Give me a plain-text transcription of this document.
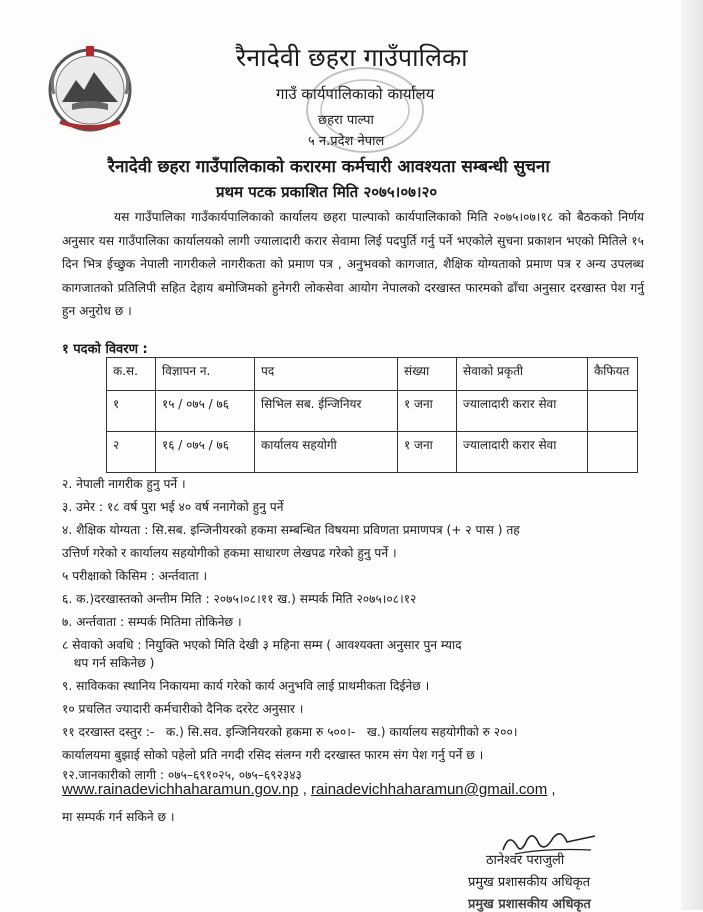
रैनादेवी छहरा गाउँपालिका
गाउँ कार्यपालिकाको कार्यालय
छहरा पाल्पा
५ न.प्रदेश नेपाल
रैनादेवी छहरा गाउँपालिकाको करारमा कर्मचारी आवश्यता सम्बन्धी सुचना
प्रथम पटक प्रकाशित मिति २०७५।०७।२०
यस गाउँपालिका गाउँकार्यपालिकाको कार्यालय छहरा पाल्पाको कार्यपालिकाको मिति २०७५।०७।१८ को बैठकको निर्णय अनुसार यस गाउँपालिका कार्यालयको लागी ज्यालादारी करार सेवामा लिई पदपुर्ति गर्नु पर्ने भएकोले सुचना प्रकाशन भएको मितिले १५ दिन भित्र ईच्छुक नेपाली नागरीकले नागरीकता को प्रमाण पत्र , अनुभवको कागजात, शैक्षिक योग्यताको प्रमाण पत्र र अन्य उपलब्ध कागजातको प्रतिलिपी सहित देहाय बमोजिमको हुनेगरी लोकसेवा आयोग नेपालको दरखास्त फारमको ढाँचा अनुसार दरखास्त पेश गर्नु हुन अनुरोध छ ।
१ पदको विवरण :
क.स.	विज्ञापन न.	पद	संख्या	सेवाको प्रकृती	कैफियत
१	१५ / ०७५ / ७६	सिभिल सब. ईन्जिनियर	१ जना	ज्यालादारी करार सेवा	
२	१६ / ०७५ / ७६	कार्यालय सहयोगी	१ जना	ज्यालादारी करार सेवा	
२. नेपाली नागरीक हुनु पर्ने ।
३. उमेर : १८ वर्ष पुरा भई ४० वर्ष ननागेको हुनु पर्ने
४. शैक्षिक योग्यता : सि.सब. इन्जिनीयरको हकमा सम्बन्धित विषयमा प्रविणता प्रमाणपत्र (+ २ पास ) तह
उत्तिर्ण गरेको र कार्यालय सहयोगीको हकमा साधारण लेखपढ गरेको हुनु पर्ने ।
५ परीक्षाको किसिम : अर्न्तवाता ।
६. क.)दरखास्तको अन्तीम मिति : २०७५।०८।११ ख.) सम्पर्क मिति २०७५।०८।१२
७. अर्न्तवाता : सम्पर्क मितिमा तोकिनेछ ।
८ सेवाको अवधि : नियुक्ति भएको मिति देखी ३ महिना सम्म ( आवश्यक्ता अनुसार पुन म्याद
थप गर्न सकिनेछ )
९. साविकका स्थानिय निकायमा कार्य गरेको कार्य अनुभवि लाई प्राथमीकता दिईनेछ ।
१० प्रचलित ज्यादारी कर्मचारीको दैनिक दररेट अनुसार ।
११ दरखास्त दस्तुर :-   क.) सि.सव. इन्जिनियरको हकमा रु ५००।-   ख.) कार्यालय सहयोगीको रु २००।
कार्यालयमा बुझाई सोको पहेलो प्रति नगदी रसिद संलग्न गरी दरखास्त फारम संग पेश गर्नु पर्ने छ ।
१२.जानकारीको लागी : ०७५–६९१०२५, ०७५–६९२३४३
www.rainadevichhaharamun.gov.np , rainadevichhaharamun@gmail.com ,
मा सम्पर्क गर्न सकिने छ ।
ठानेश्वर पराजुली
प्रमुख प्रशासकीय अधिकृत
प्रमुख प्रशासकीय अधिकृत
